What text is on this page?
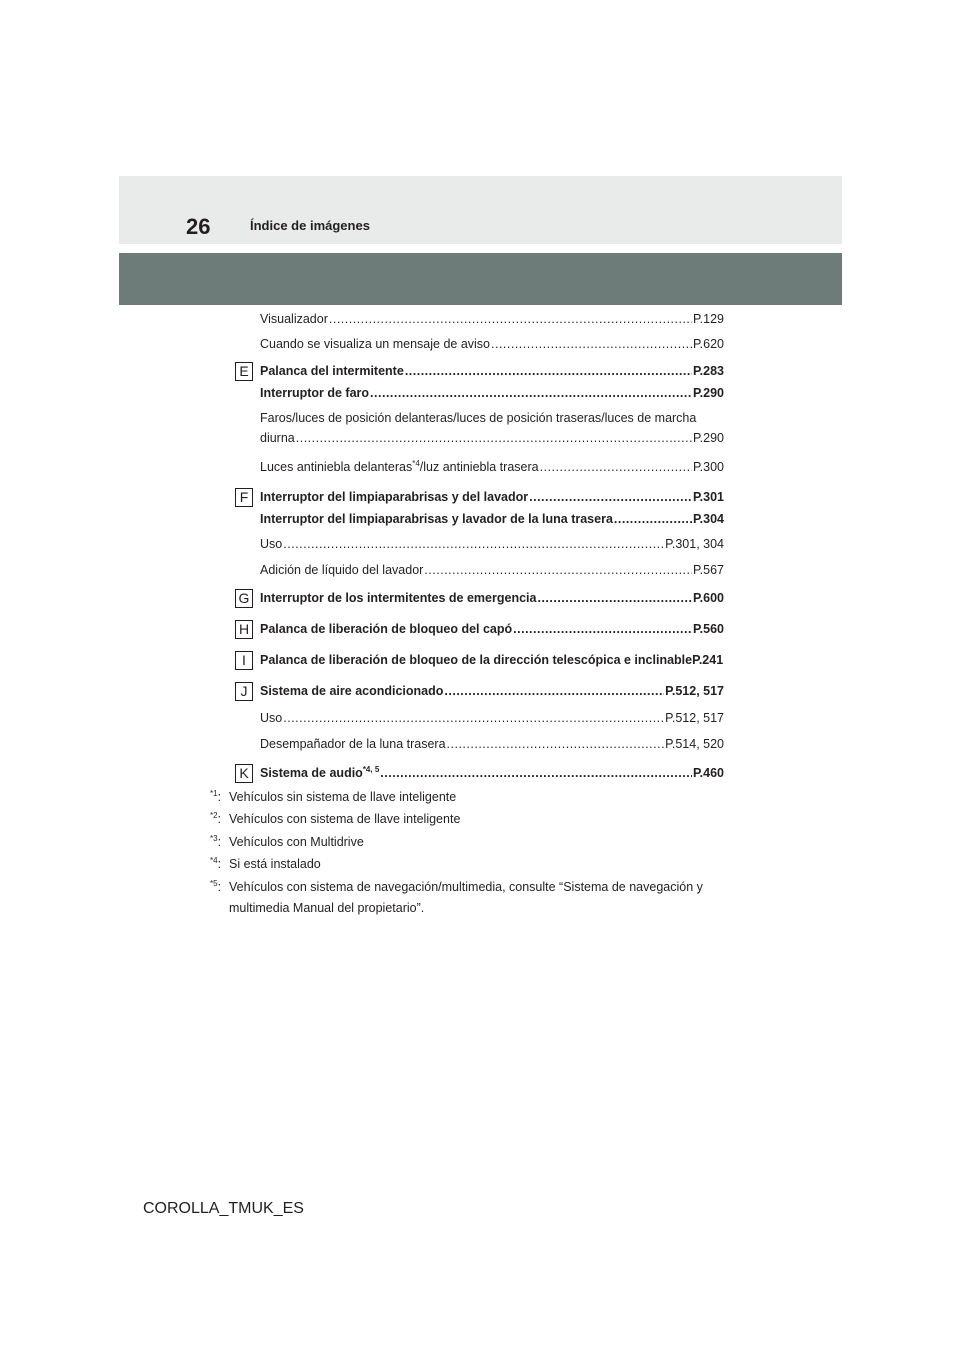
26	Índice de imágenes
Visualizador .....	P.129
Cuando se visualiza un mensaje de aviso .....	P.620
E Palanca del intermitente .....	P.283
Interruptor de faro .....	P.290
Faros/luces de posición delanteras/luces de posición traseras/luces de marcha
diurna .....	P.290
Luces antiniebla delanteras$^{*4}$/luz antiniebla trasera .....	P.300
F Interruptor del limpiaparabrisas y del lavador .....	P.301
Interruptor del limpiaparabrisas y lavador de la luna trasera .....	P.304
Uso .....	P.301, 304
Adición de líquido del lavador .....	P.567
G Interruptor de los intermitentes de emergencia .....	P.600
H Palanca de liberación de bloqueo del capó .....	P.560
I	Palanca de liberación de bloqueo de la dirección telescópica e inclinable P.241
J	Sistema de aire acondicionado .....	P.512, 517
Uso .....	P.512, 517
Desempañador de la luna trasera .....	P.514, 520
K Sistema de audio$^{*4, 5}$ .....	P.460
$^{*1}$: Vehículos sin sistema de llave inteligente
$^{*2}$: Vehículos con sistema de llave inteligente
$^{*3}$: Vehículos con Multidrive
$^{*4}$: Si está instalado
$^{*5}$: Vehículos con sistema de navegación/multimedia, consulte “Sistema de navegación y multimedia Manual del propietario”.
COROLLA_TMUK_ES
